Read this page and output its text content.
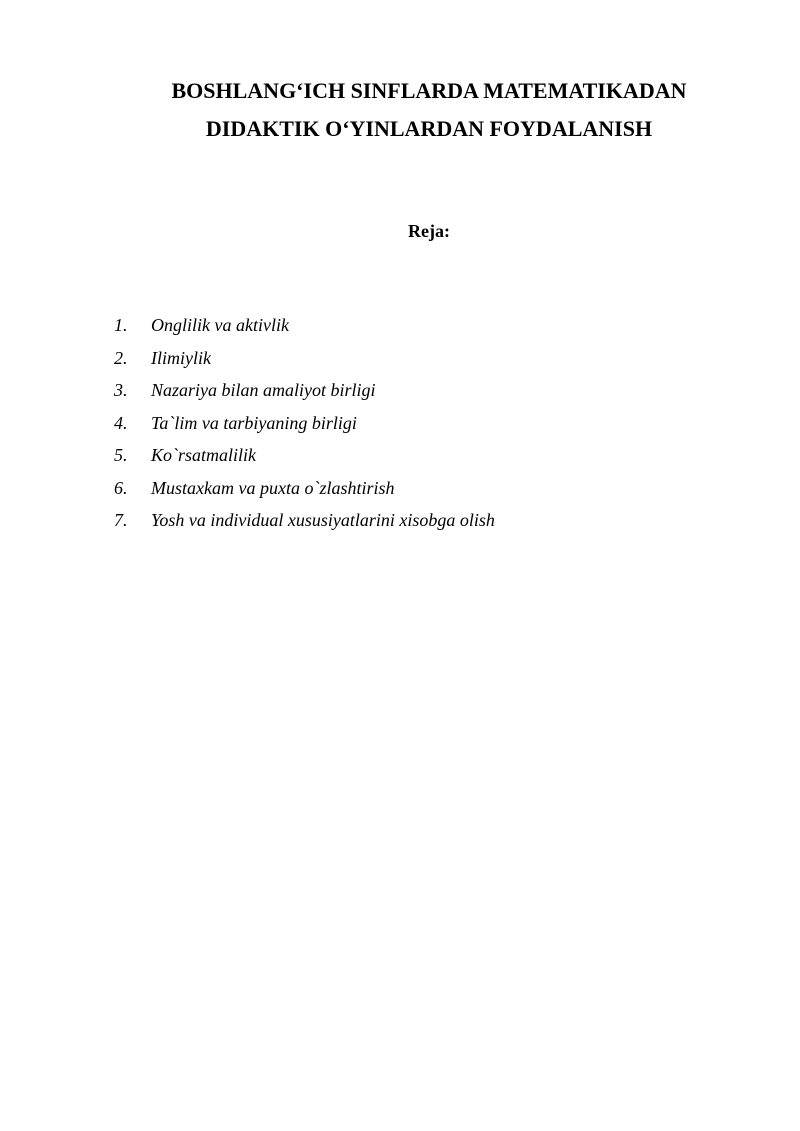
BOSHLANG‘ICH SINFLARDA MATEMATIKADAN
DIDAKTIK O‘YINLARDAN FOYDALANISH
Reja:
1.	Onglilik va aktivlik
2.	Ilimiylik
3.	Nazariya bilan amaliyot birligi
4.	Ta`lim va tarbiyaning birligi
5.	Ko`rsatmalilik
6.	Mustaxkam va puxta o`zlashtirish
7.	Yosh va individual xususiyatlarini xisobga olish
